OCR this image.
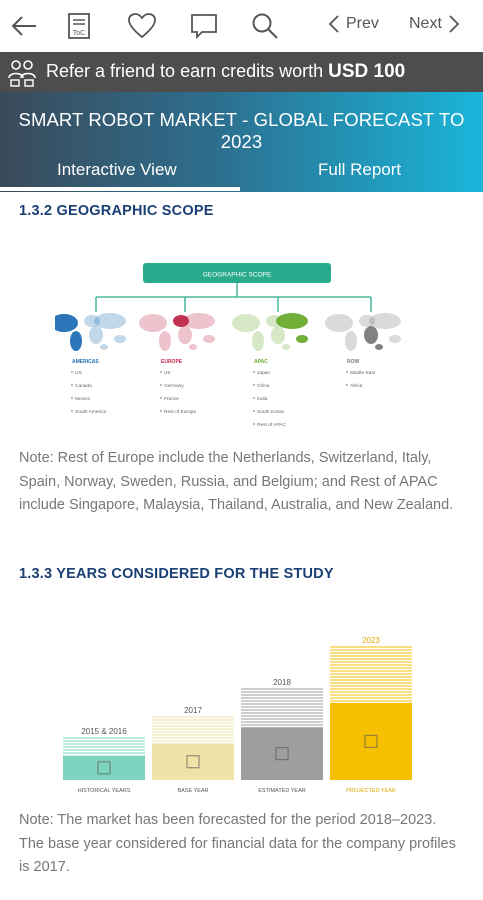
ToC
Prev Next
Refer a friend to earn credits worth USD 100
SMART ROBOT MARKET - GLOBAL FORECAST TO 2023
Interactive View	Full Report
1.3.2 GEOGRAPHIC SCOPE
GEOGRAPHIC SCOPE
AMERICAS
US
Canada
Mexico
South America
EUROPE
UK
Germany
France
Rest of Europe
APAC
Japan
China
India
South Korea
Rest of APAC
ROW
Middle East
Africa
Note: Rest of Europe include the Netherlands, Switzerland, Italy, Spain, Norway, Sweden, Russia, and Belgium; and Rest of APAC include Singapore, Malaysia, Thailand, Australia, and New Zealand.
1.3.3 YEARS CONSIDERED FOR THE STUDY
2015 & 2016
HISTORICAL YEARS
2017
BASE YEAR
2018
ESTIMATED YEAR
2023
PROJECTED YEAR
Note: The market has been forecasted for the period 2018–2023. The base year considered for financial data for the company profiles is 2017.
